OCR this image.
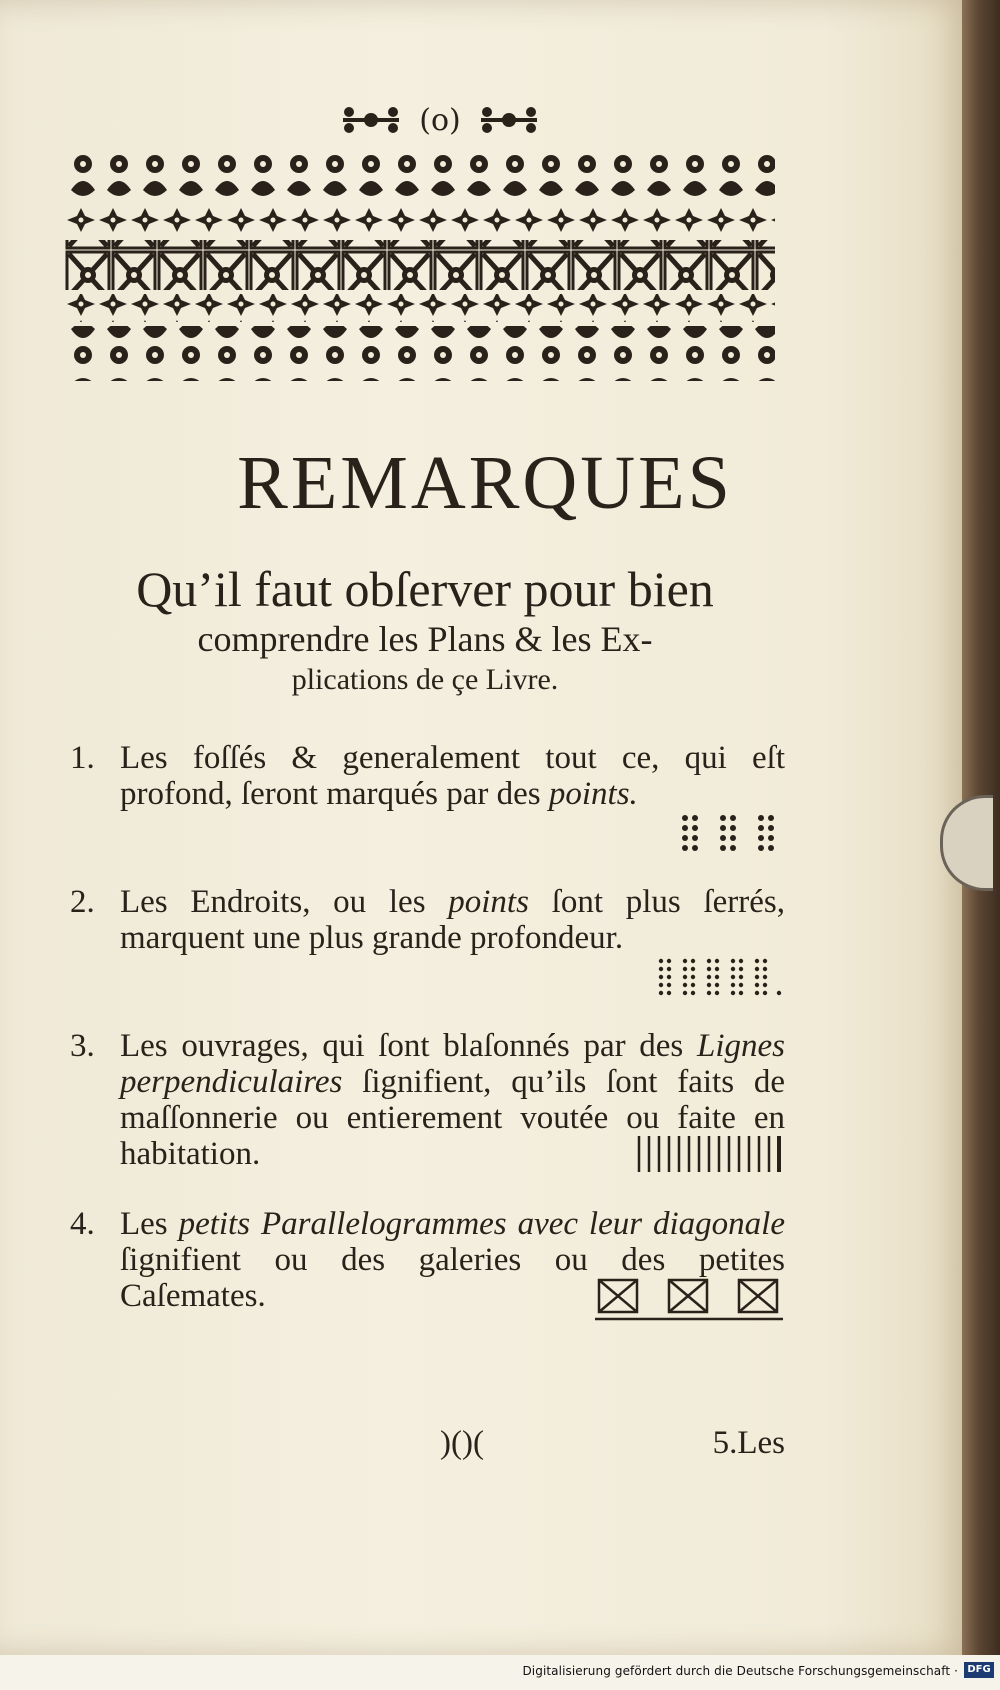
(o)
REMARQUES
Qu’il faut obſerver pour bien
comprendre les Plans & les Ex-
plications de çe Livre.
1. Les foſſés & generalement tout ce, qui eſt profond, ſeront marqués par des points.
2. Les Endroits, ou les points ſont plus ſerrés, marquent une plus grande profondeur.
3. Les ouvrages, qui ſont blaſonnés par des Lignes perpendiculaires ſignifient, qu’ils ſont faits de maſſonnerie ou entierement voutée ou faite en habitation.
4. Les petits Parallelogrammes avec leur diagonale ſignifient ou des galeries ou des petites Caſemates.
)()(	5.Les
Digitalisierung gefördert durch die Deutsche Forschungsgemeinschaft · DFG
